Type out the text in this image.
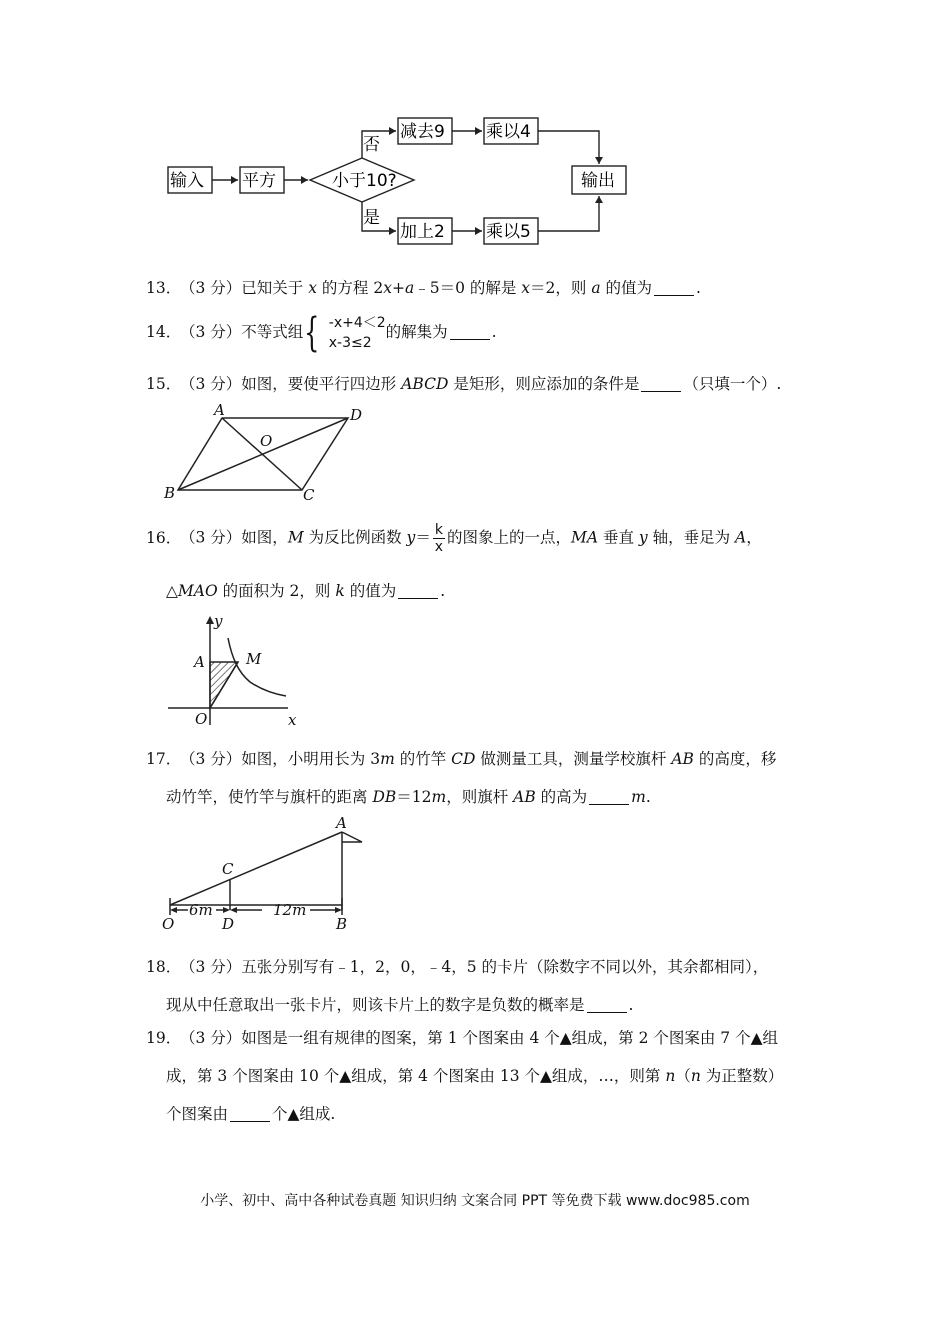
输入 平方	小于10?
否
是
减去9 乘以4
加上2 乘以5
输出
13．（3 分）已知关于 x 的方程 2x+a﹣5＝0 的解是 x＝2，则 a 的值为	.
14．（3 分）不等式组{ -x+4＜2
x-3≤2
的解集为	.
15．（3 分）如图，要使平行四边形 ABCD 是矩形，则应添加的条件是	（只填一个）.
A	D
O
B	C
16．（3 分）如图，M 为反比例函数 $y= \frac{k}{x}$ 的图象上的一点，MA 垂直 y 轴，垂足为 A，
△MAO 的面积为 2，则 k 的值为	.
y
x
A	M
O
17．（3 分）如图，小明用长为 3m 的竹竿 CD 做测量工具，测量学校旗杆 AB 的高度，移
动竹竿，使竹竿与旗杆的距离 DB＝12m，则旗杆 AB 的高为	m.
A
C
O	D	B
6m	12m
18．（3 分）五张分别写有﹣1，2，0，﹣4，5 的卡片（除数字不同以外，其余都相同），
现从中任意取出一张卡片，则该卡片上的数字是负数的概率是	.
19．（3 分）如图是一组有规律的图案，第 1 个图案由 4 个▲组成，第 2 个图案由 7 个▲组
成，第 3 个图案由 10 个▲组成，第 4 个图案由 13 个▲组成，…，则第 n（n 为正整数）
个图案由	个▲组成.
小学、初中、高中各种试卷真题 知识归纳 文案合同 PPT 等免费下载 www.doc985.com
